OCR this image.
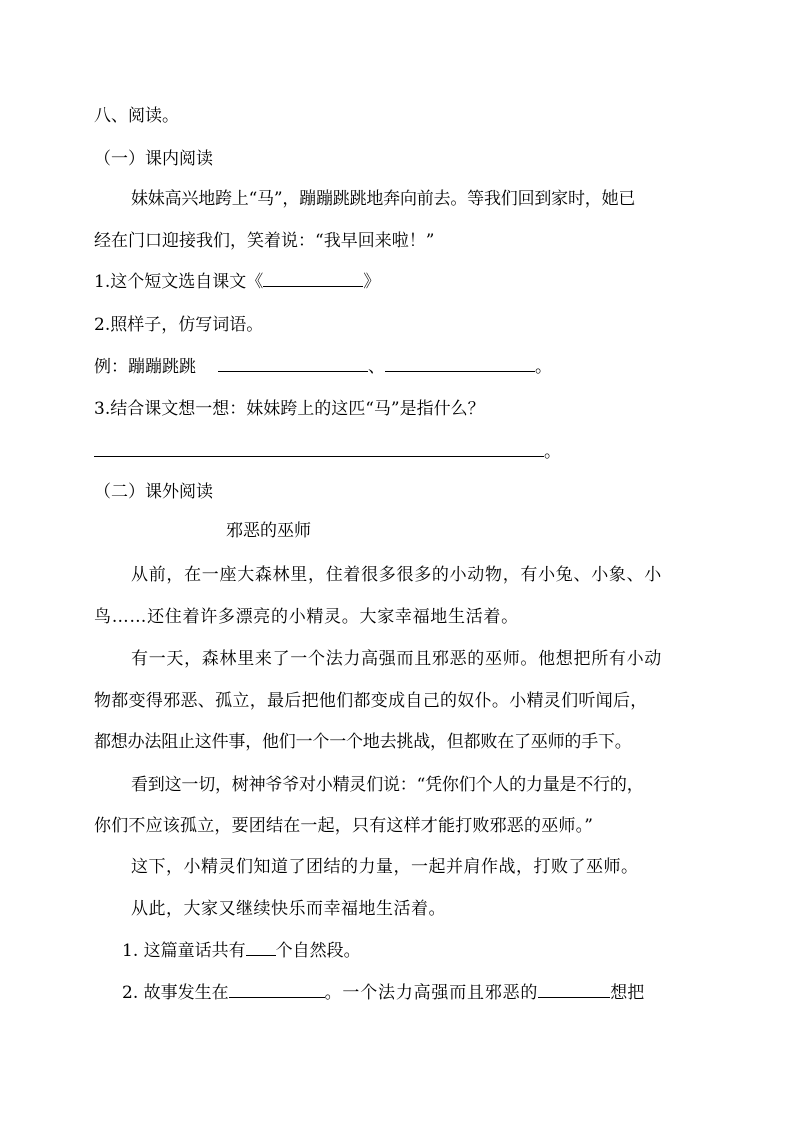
八、阅读。
（一）课内阅读
妹妹高兴地跨上“马”，蹦蹦跳跳地奔向前去。等我们回到家时，她已
经在门口迎接我们，笑着说：“我早回来啦！”
1.这个短文选自课文《	》
2.照样子，仿写词语。
例：蹦蹦跳跳	、	。
3.结合课文想一想：妹妹跨上的这匹“马”是指什么？
。
（二）课外阅读
邪恶的巫师
从前，在一座大森林里，住着很多很多的小动物，有小兔、小象、小
鸟……还住着许多漂亮的小精灵。大家幸福地生活着。
有一天，森林里来了一个法力高强而且邪恶的巫师。他想把所有小动
物都变得邪恶、孤立，最后把他们都变成自己的奴仆。小精灵们听闻后，
都想办法阻止这件事，他们一个一个地去挑战，但都败在了巫师的手下。
看到这一切，树神爷爷对小精灵们说：“凭你们个人的力量是不行的，
你们不应该孤立，要团结在一起，只有这样才能打败邪恶的巫师。”
这下，小精灵们知道了团结的力量，一起并肩作战，打败了巫师。
从此，大家又继续快乐而幸福地生活着。
1. 这篇童话共有 个自然段。
2. 故事发生在	。一个法力高强而且邪恶的	想把
